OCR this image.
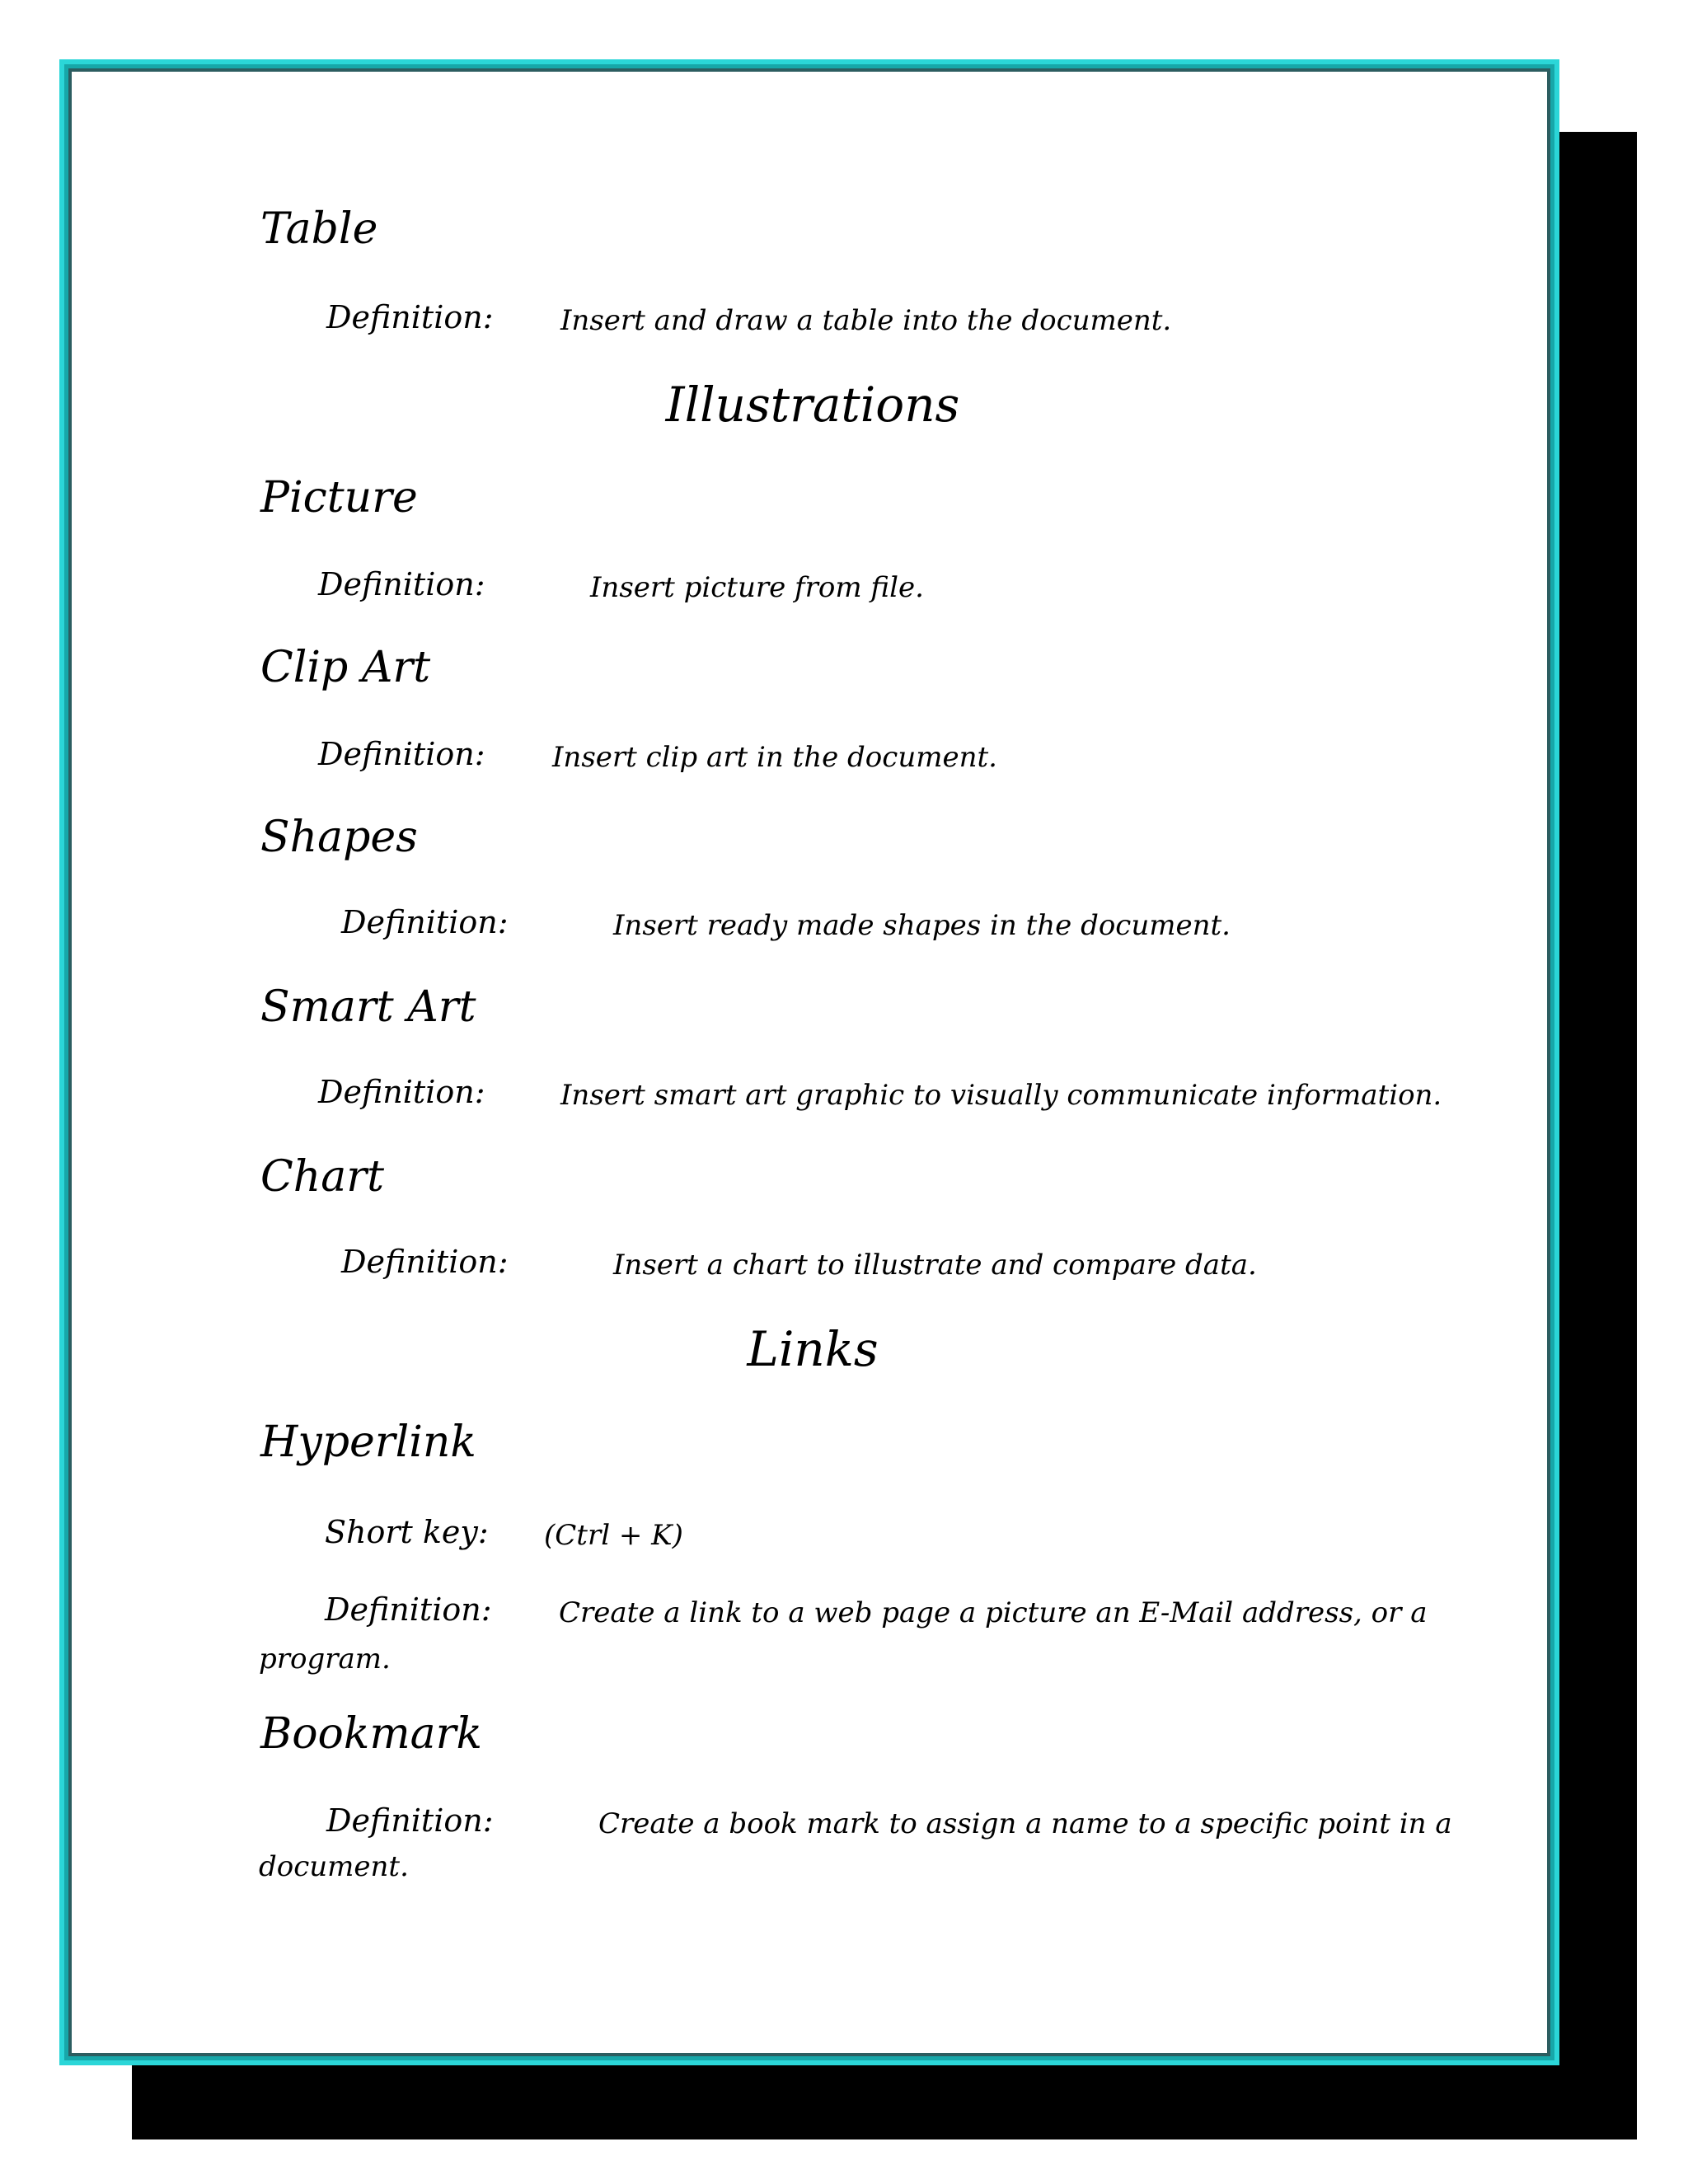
Table
Definition: Insert and draw a table into the document.
Illustrations
Picture
Definition:	Insert picture from file.
Clip Art
Definition: Insert clip art in the document.
Shapes
Definition:	Insert ready made shapes in the document.
Smart Art
Definition:	Insert smart art graphic to visually communicate information.
Chart
Definition:	Insert a chart to illustrate and compare data.
Links
Hyperlink
Short key: (Ctrl + K)
Definition: Create a link to a web page a picture an E-Mail address, or a
program.
Bookmark
Definition:	Create a book mark to assign a name to a specific point in a
document.
